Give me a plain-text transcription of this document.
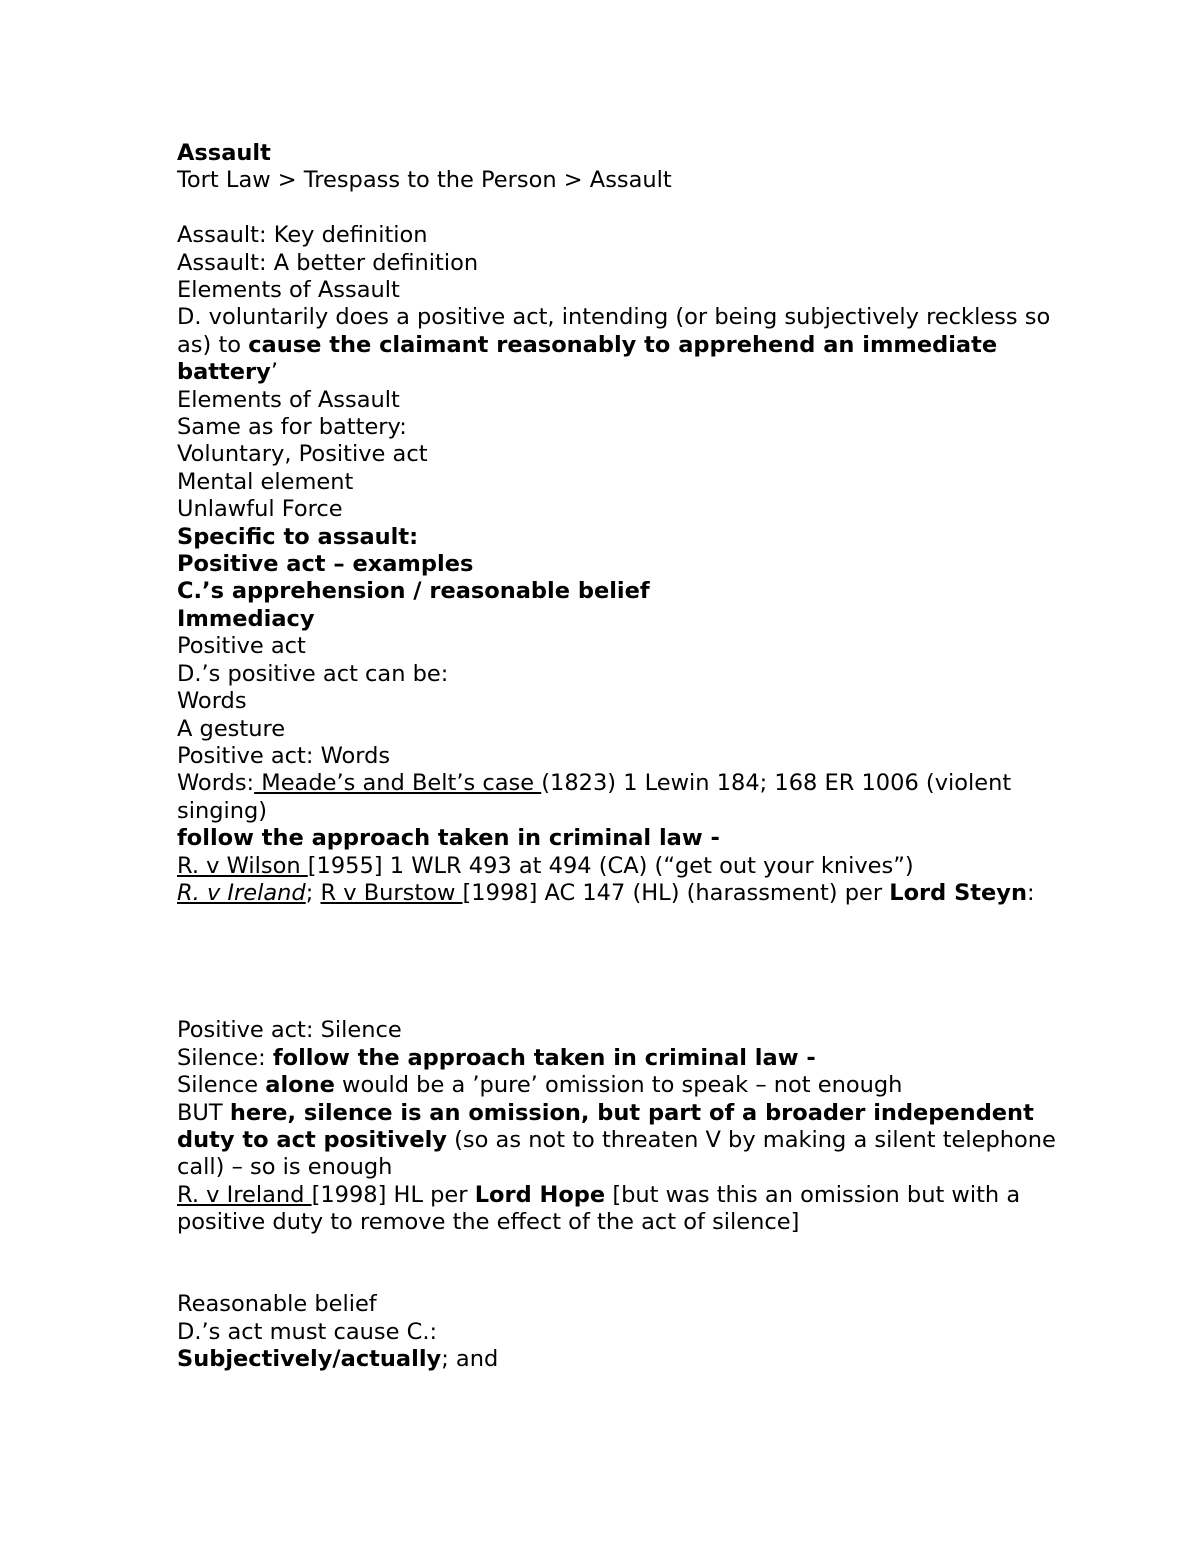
Assault
Tort Law > Trespass to the Person > Assault
Assault: Key definition
Assault: A better definition
Elements of Assault
D. voluntarily does a positive act, intending (or being subjectively reckless so as) to cause the claimant reasonably to apprehend an immediate battery’
Elements of Assault
Same as for battery:
Voluntary, Positive act
Mental element
Unlawful Force
Specific to assault:
Positive act – examples
C.’s apprehension / reasonable belief
Immediacy
Positive act
D.’s positive act can be:
Words
A gesture
Positive act: Words
Words: Meade’s and Belt’s case (1823) 1 Lewin 184; 168 ER 1006 (violent singing)
follow the approach taken in criminal law -
R. v Wilson [1955] 1 WLR 493 at 494 (CA) (“get out your knives”)
R. v Ireland; R v Burstow [1998] AC 147 (HL) (harassment) per Lord Steyn:
Positive act: Silence
Silence: follow the approach taken in criminal law -
Silence alone would be a ’pure’ omission to speak – not enough
BUT here, silence is an omission, but part of a broader independent duty to act positively (so as not to threaten V by making a silent telephone call) – so is enough
R. v Ireland [1998] HL per Lord Hope [but was this an omission but with a positive duty to remove the effect of the act of silence]
Reasonable belief
D.’s act must cause C.:
Subjectively/actually; and
